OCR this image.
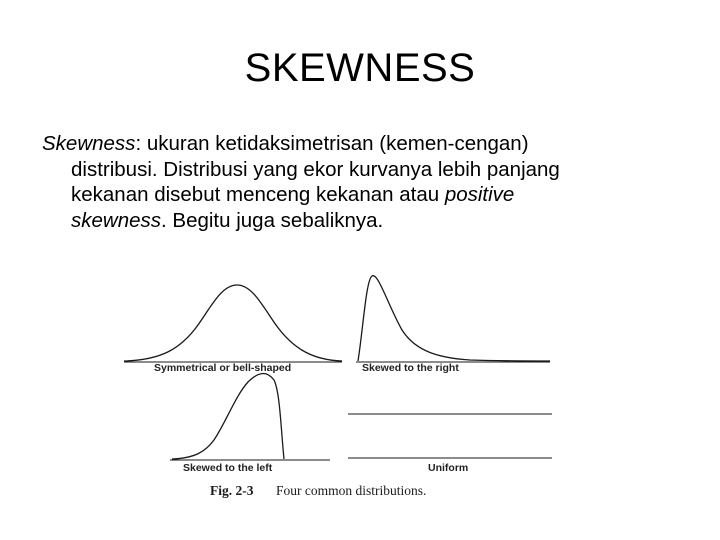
SKEWNESS

Skewness: ukuran ketidaksimetrisan (kemen-cengan)
distribusi. Distribusi yang ekor kurvanya lebih panjang
kekanan disebut menceng kekanan atau positive
skewness. Begitu juga sebaliknya.

Symmetrical or bell-shaped	Skewed to the right
Skewed to the left	Uniform
Fig. 2-3 Four common distributions.
